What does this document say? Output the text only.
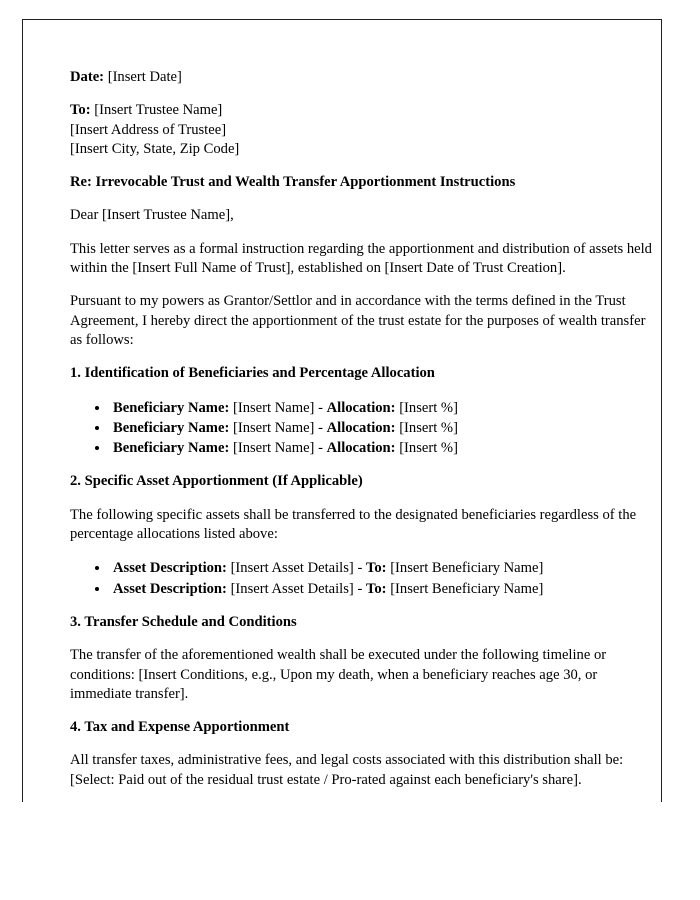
Date: [Insert Date]

To: [Insert Trustee Name]
[Insert Address of Trustee]
[Insert City, State, Zip Code]

Re: Irrevocable Trust and Wealth Transfer Apportionment Instructions

Dear [Insert Trustee Name],

This letter serves as a formal instruction regarding the apportionment and distribution of assets held within the [Insert Full Name of Trust], established on [Insert Date of Trust Creation].

Pursuant to my powers as Grantor/Settlor and in accordance with the terms defined in the Trust Agreement, I hereby direct the apportionment of the trust estate for the purposes of wealth transfer as follows:

1. Identification of Beneficiaries and Percentage Allocation

• Beneficiary Name: [Insert Name] - Allocation: [Insert %]
• Beneficiary Name: [Insert Name] - Allocation: [Insert %]
• Beneficiary Name: [Insert Name] - Allocation: [Insert %]

2. Specific Asset Apportionment (If Applicable)

The following specific assets shall be transferred to the designated beneficiaries regardless of the percentage allocations listed above:

• Asset Description: [Insert Asset Details] - To: [Insert Beneficiary Name]
• Asset Description: [Insert Asset Details] - To: [Insert Beneficiary Name]

3. Transfer Schedule and Conditions

The transfer of the aforementioned wealth shall be executed under the following timeline or conditions: [Insert Conditions, e.g., Upon my death, when a beneficiary reaches age 30, or immediate transfer].

4. Tax and Expense Apportionment

All transfer taxes, administrative fees, and legal costs associated with this distribution shall be: [Select: Paid out of the residual trust estate / Pro-rated against each beneficiary's share].
